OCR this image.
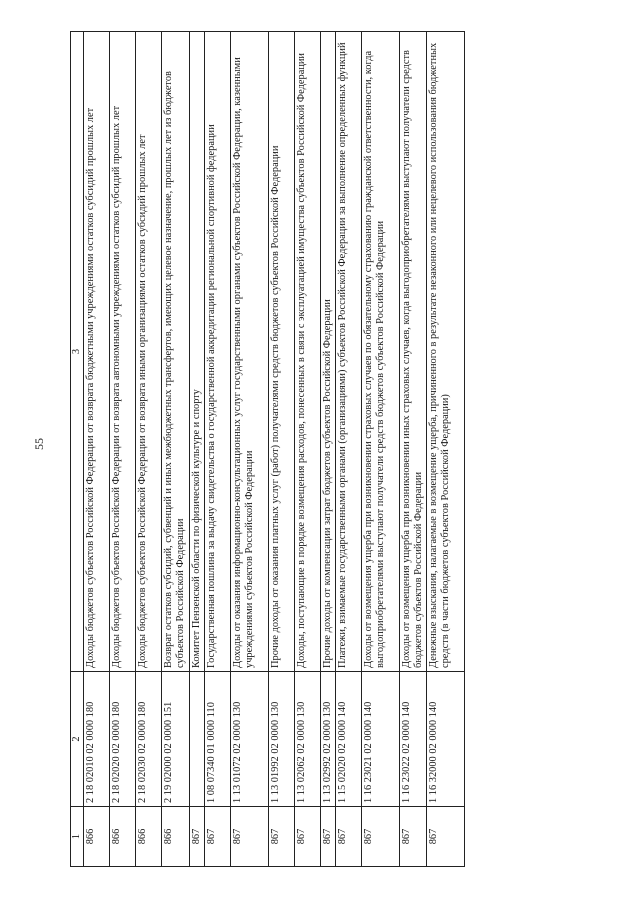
55
1	2	3
866	2 18 02010 02 0000 180	Доходы бюджетов субъектов Российской Федерации от возврата бюджетными учреждениями остатков субсидий прошлых лет
866	2 18 02020 02 0000 180	Доходы бюджетов субъектов Российской Федерации от возврата автономными учреждениями остатков субсидий прошлых лет
866	2 18 02030 02 0000 180	Доходы бюджетов субъектов Российской Федерации от возврата иными организациями остатков субсидий прошлых лет
866	2 19 02000 02 0000 151	Возврат остатков субсидий, субвенций и иных межбюджетных трансфертов, имеющих целевое назначение, прошлых лет из бюджетов субъектов Российской Федерации
867		Комитет Пензенской области по физической культуре и спорту
867	1 08 07340 01 0000 110	Государственная пошлина за выдачу свидетельства о государственной аккредитации региональной спортивной федерации
867	1 13 01072 02 0000 130	Доходы от оказания информационно-консультационных услуг государственными органами субъектов Российской Федерации, казенными учреждениями субъектов Российской Федерации
867	1 13 01992 02 0000 130	Прочие доходы от оказания платных услуг (работ) получателями средств бюджетов субъектов Российской Федерации
867	1 13 02062 02 0000 130	Доходы, поступающие в порядке возмещения расходов, понесенных в связи с эксплуатацией имущества субъектов Российской Федерации
867	1 13 02992 02 0000 130	Прочие доходы от компенсации затрат бюджетов субъектов Российской Федерации
867	1 15 02020 02 0000 140	Платежи, взимаемые государственными органами (организациями) субъектов Российской Федерации за выполнение определенных функций
867	1 16 23021 02 0000 140	Доходы от возмещения ущерба при возникновении страховых случаев по обязательному страхованию гражданской ответственности, когда выгодоприобретателями выступают получатели средств бюджетов субъектов Российской Федерации
867	1 16 23022 02 0000 140	Доходы от возмещения ущерба при возникновении иных страховых случаев, когда выгодоприобретателями выступают получатели средств бюджетов субъектов Российской Федерации
867	1 16 32000 02 0000 140	Денежные взыскания, налагаемые в возмещение ущерба, причиненного в результате незаконного или нецелевого использования бюджетных средств (в части бюджетов субъектов Российской Федерации)
